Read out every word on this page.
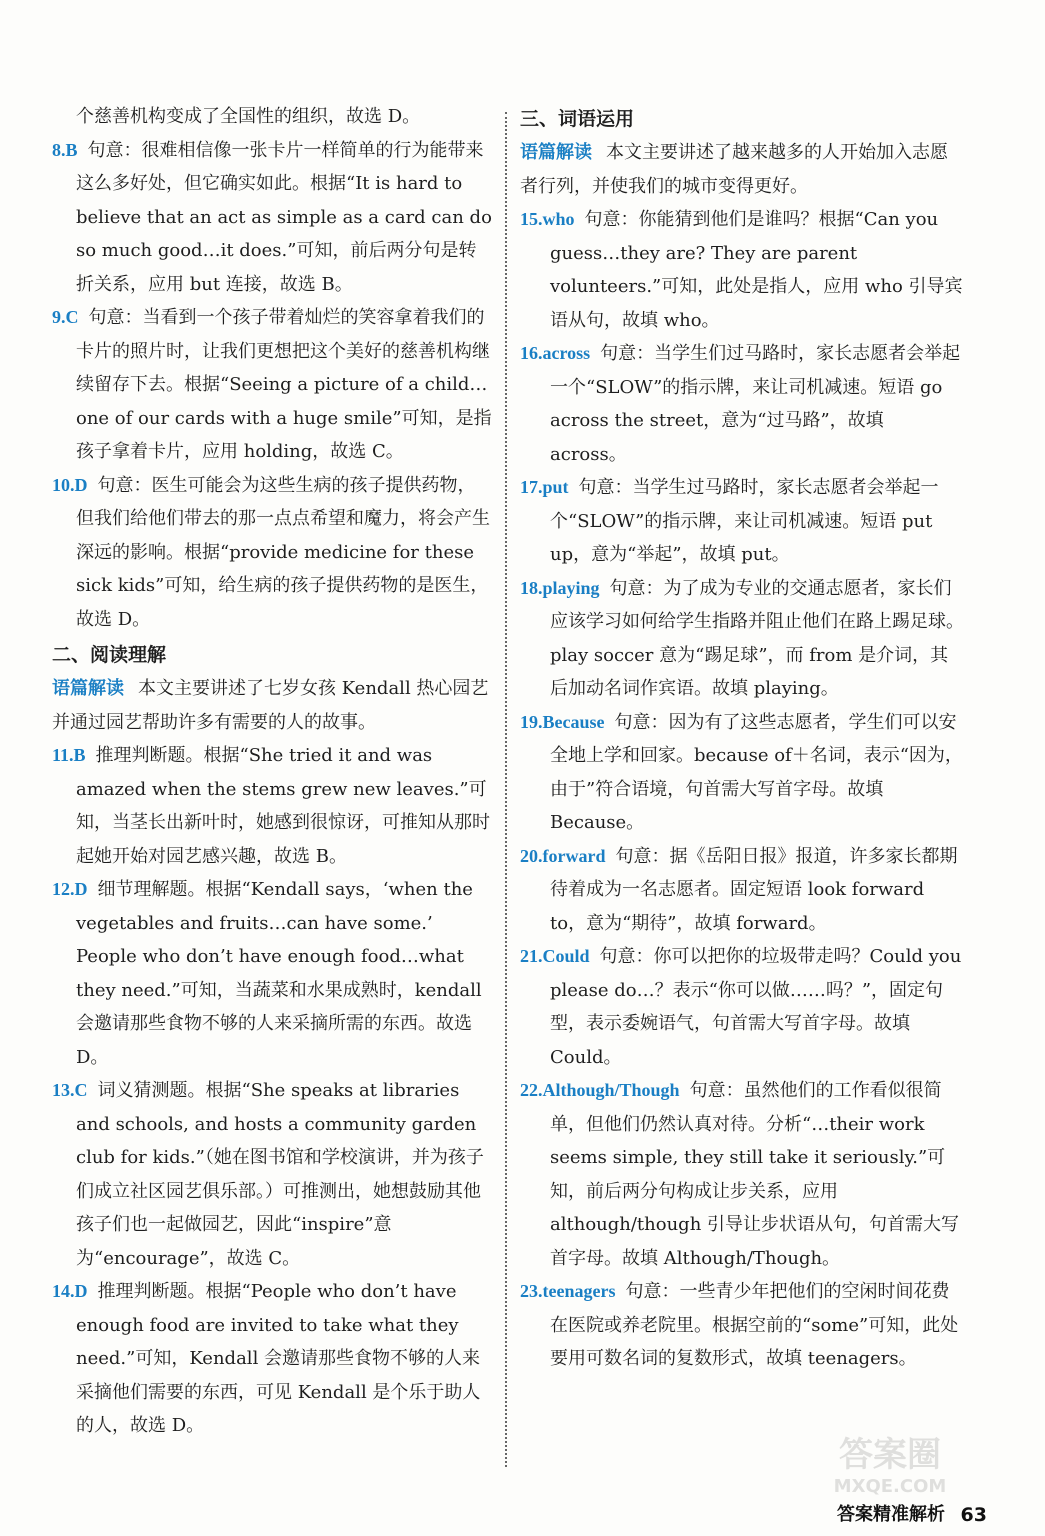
个慈善机构变成了全国性的组织，故选 D。

8.B 句意：很难相信像一张卡片一样简单的行为能带来这么多好处，但它确实如此。根据“It is hard to believe that an act as simple as a card can do so much good…it does.”可知，前后两分句是转折关系，应用 but 连接，故选 B。

9.C 句意：当看到一个孩子带着灿烂的笑容拿着我们的卡片的照片时，让我们更想把这个美好的慈善机构继续留存下去。根据“Seeing a picture of a child…one of our cards with a huge smile”可知，是指孩子拿着卡片，应用 holding，故选 C。

10.D 句意：医生可能会为这些生病的孩子提供药物，但我们给他们带去的那一点点希望和魔力，将会产生深远的影响。根据“provide medicine for these sick kids”可知，给生病的孩子提供药物的是医生，故选 D。

二、阅读理解

语篇解读 本文主要讲述了七岁女孩 Kendall 热心园艺并通过园艺帮助许多有需要的人的故事。

11.B 推理判断题。根据“She tried it and was amazed when the stems grew new leaves.”可知，当茎长出新叶时，她感到很惊讶，可推知从那时起她开始对园艺感兴趣，故选 B。

12.D 细节理解题。根据“Kendall says，‘when the vegetables and fruits…can have some.’ People who don’t have enough food…what they need.”可知，当蔬菜和水果成熟时，kendall 会邀请那些食物不够的人来采摘所需的东西。故选 D。

13.C 词义猜测题。根据“She speaks at libraries and schools, and hosts a community garden club for kids.”（她在图书馆和学校演讲，并为孩子们成立社区园艺俱乐部。）可推测出，她想鼓励其他孩子们也一起做园艺，因此“inspire”意为“encourage”，故选 C。

14.D 推理判断题。根据“People who don’t have enough food are invited to take what they need.”可知，Kendall 会邀请那些食物不够的人来采摘他们需要的东西，可见 Kendall 是个乐于助人的人，故选 D。

三、词语运用

语篇解读 本文主要讲述了越来越多的人开始加入志愿者行列，并使我们的城市变得更好。

15.who 句意：你能猜到他们是谁吗？根据“Can you guess…they are? They are parent volunteers.”可知，此处是指人，应用 who 引导宾语从句，故填 who。

16.across 句意：当学生们过马路时，家长志愿者会举起一个“SLOW”的指示牌，来让司机减速。短语 go across the street，意为“过马路”，故填 across。

17.put 句意：当学生过马路时，家长志愿者会举起一个“SLOW”的指示牌，来让司机减速。短语 put up，意为“举起”，故填 put。

18.playing 句意：为了成为专业的交通志愿者，家长们应该学习如何给学生指路并阻止他们在路上踢足球。play soccer 意为“踢足球”，而 from 是介词，其后加动名词作宾语。故填 playing。

19.Because 句意：因为有了这些志愿者，学生们可以安全地上学和回家。because of＋名词，表示“因为，由于”符合语境，句首需大写首字母。故填 Because。

20.forward 句意：据《岳阳日报》报道，许多家长都期待着成为一名志愿者。固定短语 look forward to，意为“期待”，故填 forward。

21.Could 句意：你可以把你的垃圾带走吗？Could you please do…？表示“你可以做……吗？”，固定句型，表示委婉语气，句首需大写首字母。故填 Could。

22.Although/Though 句意：虽然他们的工作看似很简单，但他们仍然认真对待。分析“…their work seems simple, they still take it seriously.”可知，前后两分句构成让步关系，应用 although/though 引导让步状语从句，句首需大写首字母。故填 Although/Though。

23.teenagers 句意：一些青少年把他们的空闲时间花费在医院或养老院里。根据空前的“some”可知，此处要用可数名词的复数形式，故填 teenagers。

答案圈
MXQE.COM
答案精准解析 63
